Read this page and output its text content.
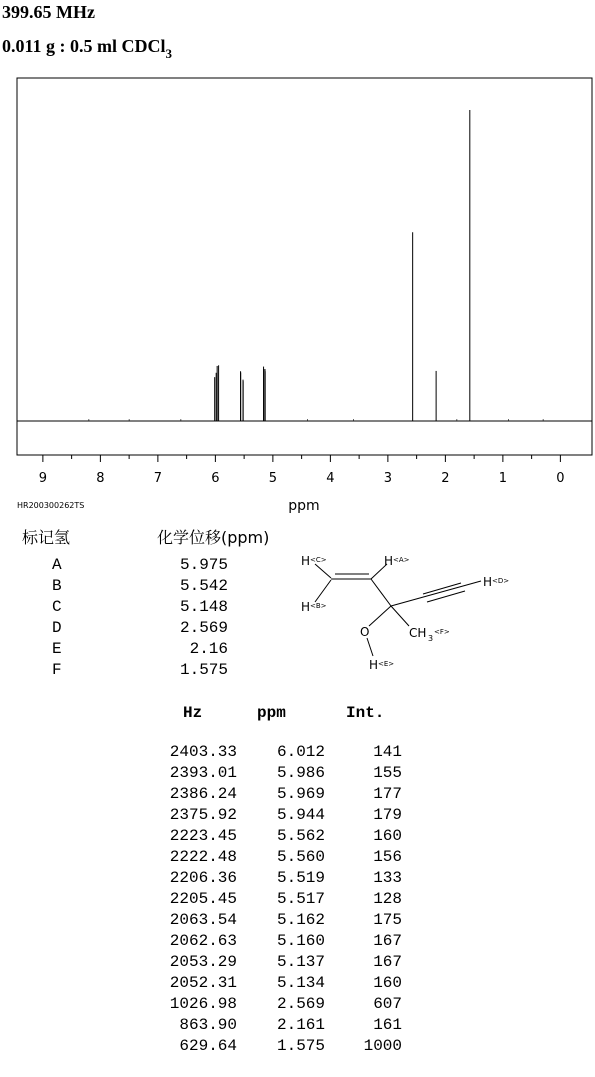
399.65 MHz
0.011 g : 0.5 ml CDCl$_3$
9	8	7	6	5	4	3	2	1	0
ppm
HR200300262TS
标记氢	化学位移(ppm)
A	5.975
B	5.542
C	5.148
D	2.569
E	2.16
F	1.575
H <C>	H <A>
H <D>
H <B>
O	CH 3
<F>
H <E>
Hz	ppm	Int.
2403.33	6.012	141
2393.01	5.986	155
2386.24	5.969	177
2375.92	5.944	179
2223.45	5.562	160
2222.48	5.560	156
2206.36	5.519	133
2205.45	5.517	128
2063.54	5.162	175
2062.63	5.160	167
2053.29	5.137	167
2052.31	5.134	160
1026.98	2.569	607
863.90	2.161	161
629.64	1.575	1000
